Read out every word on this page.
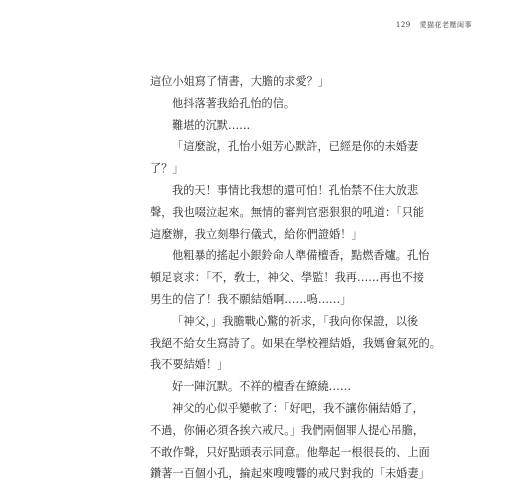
129 愛猫花老壓闺事
這位小姐寫了情書，大膽的求愛？」
他抖落著我給孔怡的信。
難堪的沉默……
「這麼說，孔怡小姐芳心默許，已經是你的未婚妻
了？」
我的天！事情比我想的還可怕！孔怡禁不住大放悲
聲，我也啜泣起來。無情的審判官惡狠狠的吼道：「只能
這麼辦，我立刻舉行儀式，給你們證婚！」
他粗暴的搖起小銀鈴命人準備檀香，點燃香爐。孔怡
頓足哀求：「不，敎士，神父、學監！我再……再也不接
男生的信了！我不願結婚啊……嗚……」
「神父，」我膽戰心驚的祈求，「我向你保證，以後
我絕不給女生寫詩了。如果在學校裡結婚，我媽會氣死的。
我不要結婚！」
好一陣沉默。不祥的檀香在繚繞……
神父的心似乎變軟了：「好吧，我不讓你倆結婚了，
不過，你倆必須各挨六戒尺。」我們兩個罪人提心吊膽，
不敢作聲，只好點頭表示同意。他舉起一根很長的、上面
鑽著一百個小孔，掄起來嗖嗖響的戒尺對我的「未婚妻」
